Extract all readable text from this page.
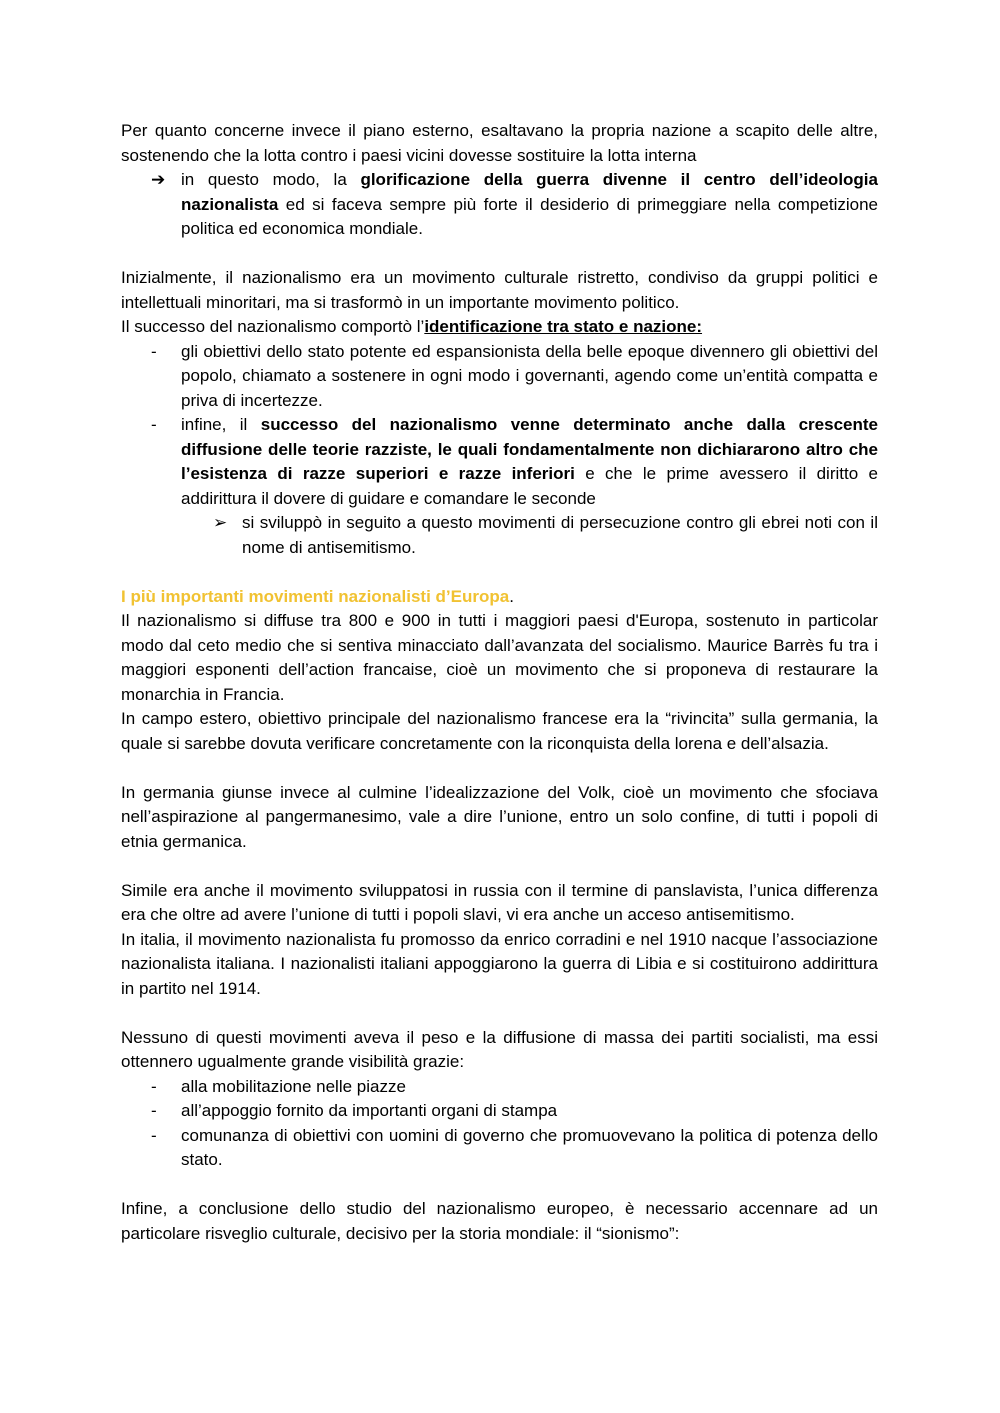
Per quanto concerne invece il piano esterno, esaltavano la propria nazione a scapito delle altre, sostenendo che la lotta contro i paesi vicini dovesse sostituire la lotta interna

➔ in questo modo, la glorificazione della guerra divenne il centro dell’ideologia nazionalista ed si faceva sempre più forte il desiderio di primeggiare nella competizione politica ed economica mondiale.

Inizialmente, il nazionalismo era un movimento culturale ristretto, condiviso da gruppi politici e intellettuali minoritari, ma si trasformò in un importante movimento politico.

Il successo del nazionalismo comportò l’identificazione tra stato e nazione:

- gli obiettivi dello stato potente ed espansionista della belle epoque divennero gli obiettivi del popolo, chiamato a sostenere in ogni modo i governanti, agendo come un’entità compatta e priva di incertezze.

- infine, il successo del nazionalismo venne determinato anche dalla crescente diffusione delle teorie razziste, le quali fondamentalmente non dichiararono altro che l’esistenza di razze superiori e razze inferiori e che le prime avessero il diritto e addirittura il dovere di guidare e comandare le seconde

➢ si sviluppò in seguito a questo movimenti di persecuzione contro gli ebrei noti con il nome di antisemitismo.

I più importanti movimenti nazionalisti d’Europa.

Il nazionalismo si diffuse tra 800 e 900 in tutti i maggiori paesi d'Europa, sostenuto in particolar modo dal ceto medio che si sentiva minacciato dall’avanzata del socialismo. Maurice Barrès fu tra i maggiori esponenti dell’action francaise, cioè un movimento che si proponeva di restaurare la monarchia in Francia.

In campo estero, obiettivo principale del nazionalismo francese era la “rivincita” sulla germania, la quale si sarebbe dovuta verificare concretamente con la riconquista della lorena e dell’alsazia.

In germania giunse invece al culmine l’idealizzazione del Volk, cioè un movimento che sfociava nell’aspirazione al pangermanesimo, vale a dire l’unione, entro un solo confine, di tutti i popoli di etnia germanica.

Simile era anche il movimento sviluppatosi in russia con il termine di panslavista, l’unica differenza era che oltre ad avere l’unione di tutti i popoli slavi, vi era anche un acceso antisemitismo.

In italia, il movimento nazionalista fu promosso da enrico corradini e nel 1910 nacque l’associazione nazionalista italiana. I nazionalisti italiani appoggiarono la guerra di Libia e si costituirono addirittura in partito nel 1914.

Nessuno di questi movimenti aveva il peso e la diffusione di massa dei partiti socialisti, ma essi ottennero ugualmente grande visibilità grazie:

- alla mobilitazione nelle piazze

- all’appoggio fornito da importanti organi di stampa

- comunanza di obiettivi con uomini di governo che promuovevano la politica di potenza dello stato.

Infine, a conclusione dello studio del nazionalismo europeo, è necessario accennare ad un particolare risveglio culturale, decisivo per la storia mondiale: il “sionismo”:
